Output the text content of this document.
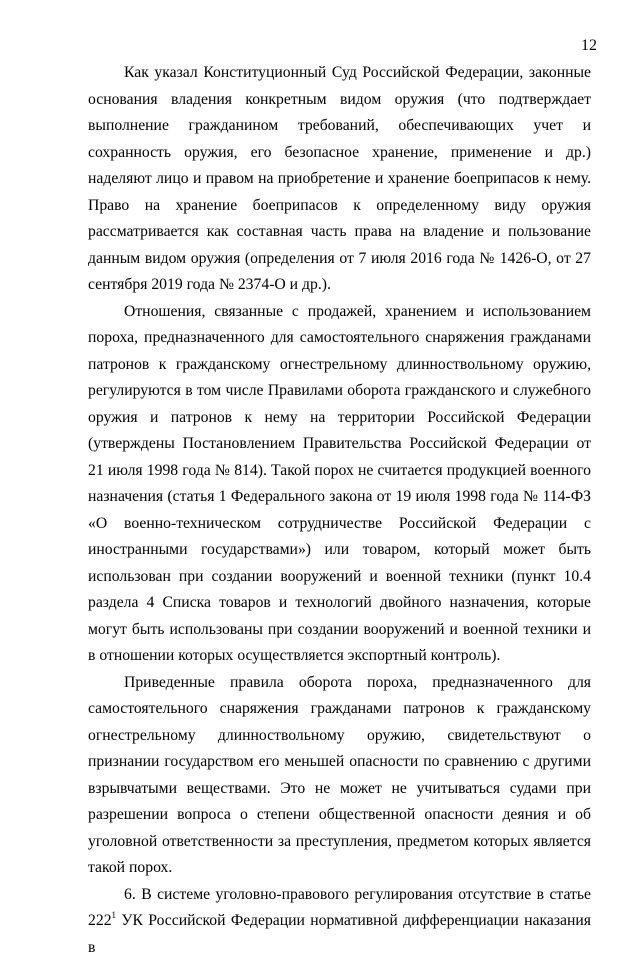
12

Как указал Конституционный Суд Российской Федерации, законные основания владения конкретным видом оружия (что подтверждает выполнение гражданином требований, обеспечивающих учет и сохранность оружия, его безопасное хранение, применение и др.) наделяют лицо и правом на приобретение и хранение боеприпасов к нему. Право на хранение боеприпасов к определенному виду оружия рассматривается как составная часть права на владение и пользование данным видом оружия (определения от 7 июля 2016 года № 1426-О, от 27 сентября 2019 года № 2374-О и др.).

Отношения, связанные с продажей, хранением и использованием пороха, предназначенного для самостоятельного снаряжения гражданами патронов к гражданскому огнестрельному длинноствольному оружию, регулируются в том числе Правилами оборота гражданского и служебного оружия и патронов к нему на территории Российской Федерации (утверждены Постановлением Правительства Российской Федерации от 21 июля 1998 года № 814). Такой порох не считается продукцией военного назначения (статья 1 Федерального закона от 19 июля 1998 года № 114-ФЗ «О военно-техническом сотрудничестве Российской Федерации с иностранными государствами») или товаром, который может быть использован при создании вооружений и военной техники (пункт 10.4 раздела 4 Списка товаров и технологий двойного назначения, которые могут быть использованы при создании вооружений и военной техники и в отношении которых осуществляется экспортный контроль).

Приведенные правила оборота пороха, предназначенного для самостоятельного снаряжения гражданами патронов к гражданскому огнестрельному длинноствольному оружию, свидетельствуют о признании государством его меньшей опасности по сравнению с другими взрывчатыми веществами. Это не может не учитываться судами при разрешении вопроса о степени общественной опасности деяния и об уголовной ответственности за преступления, предметом которых является такой порох.

6. В системе уголовно-правового регулирования отсутствие в статье $222^1$ УК Российской Федерации нормативной дифференциации наказания в
